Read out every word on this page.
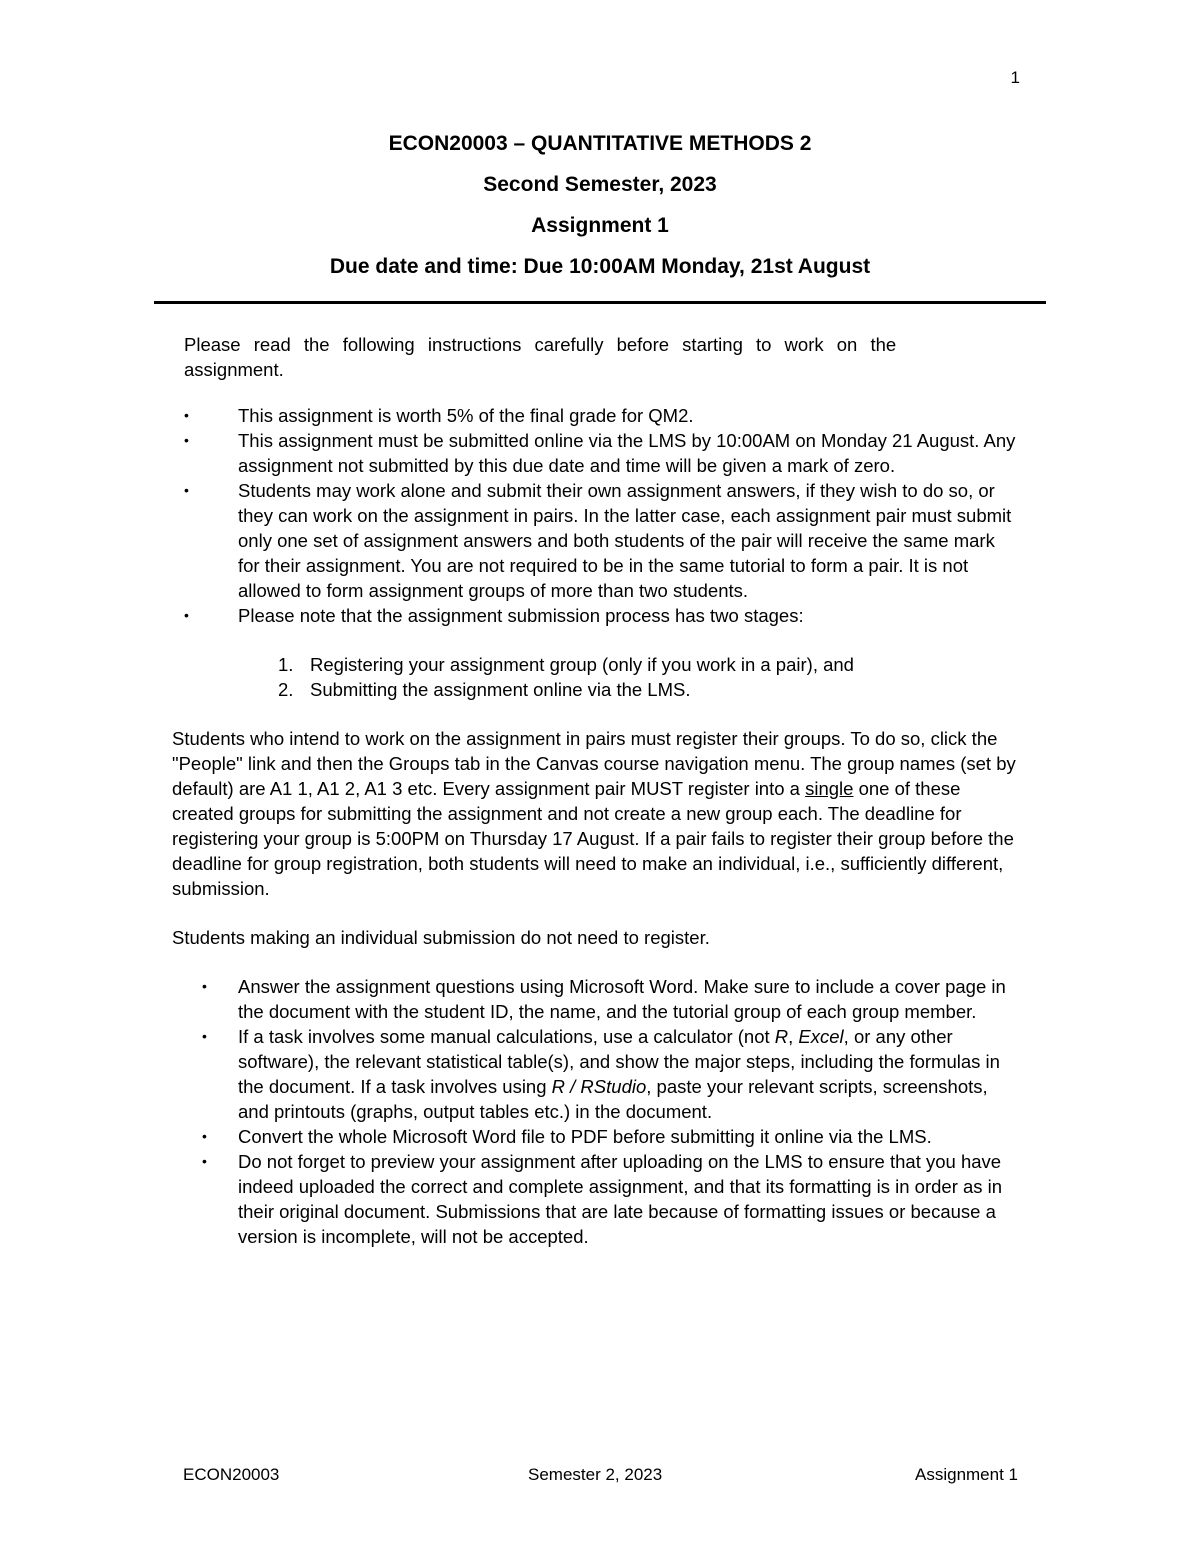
1
ECON20003 – QUANTITATIVE METHODS 2
Second Semester, 2023
Assignment 1
Due date and time: Due 10:00AM Monday, 21st August
Please read the following instructions carefully before starting to work on the
assignment.
•	This assignment is worth 5% of the final grade for QM2.
•	This assignment must be submitted online via the LMS by 10:00AM on Monday 21 August. Any assignment not submitted by this due date and time will be given a mark of zero.
•	Students may work alone and submit their own assignment answers, if they wish to do so, or they can work on the assignment in pairs. In the latter case, each assignment pair must submit only one set of assignment answers and both students of the pair will receive the same mark for their assignment. You are not required to be in the same tutorial to form a pair. It is not allowed to form assignment groups of more than two students.
•	Please note that the assignment submission process has two stages:
1. Registering your assignment group (only if you work in a pair), and
2. Submitting the assignment online via the LMS.

Students who intend to work on the assignment in pairs must register their groups. To do so, click the "People" link and then the Groups tab in the Canvas course navigation menu. The group names (set by default) are A1 1, A1 2, A1 3 etc. Every assignment pair MUST register into a single one of these created groups for submitting the assignment and not create a new group each. The deadline for registering your group is 5:00PM on Thursday 17 August. If a pair fails to register their group before the deadline for group registration, both students will need to make an individual, i.e., sufficiently different, submission.

Students making an individual submission do not need to register.

• Answer the assignment questions using Microsoft Word. Make sure to include a cover page in the document with the student ID, the name, and the tutorial group of each group member.
• If a task involves some manual calculations, use a calculator (not R, Excel, or any other software), the relevant statistical table(s), and show the major steps, including the formulas in the document. If a task involves using R / RStudio, paste your relevant scripts, screenshots, and printouts (graphs, output tables etc.) in the document.
• Convert the whole Microsoft Word file to PDF before submitting it online via the LMS.
• Do not forget to preview your assignment after uploading on the LMS to ensure that you have indeed uploaded the correct and complete assignment, and that its formatting is in order as in their original document. Submissions that are late because of formatting issues or because a version is incomplete, will not be accepted.
ECON20003	Semester 2, 2023	Assignment 1
